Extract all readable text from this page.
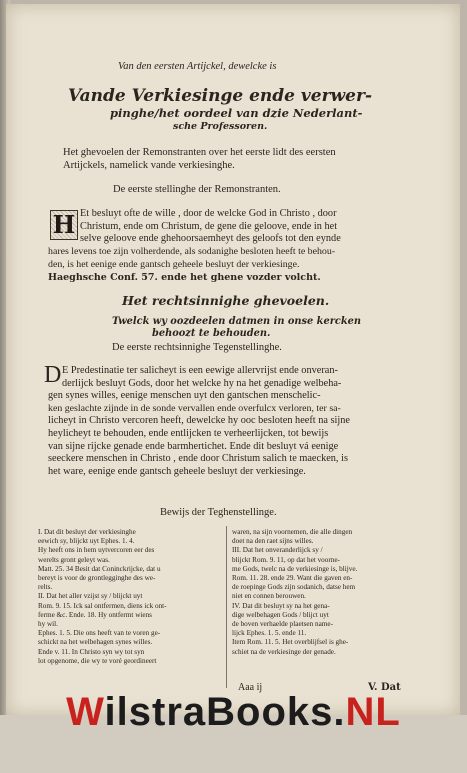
Van den eersten Artijckel, dewelcke is
Vande Verkiesinge ende verwer-
pinghe/het oordeel van dzie Nederlant-
sche Professoren.
Het ghevoelen der Remonstranten over het eerste lidt des eersten
Artijckels, namelick vande verkiesinghe.
De eerste stellinghe der Remonstranten.
H Et besluyt ofte de wille , door de welcke God in Christo , door
Christum, ende om Christum, de gene die geloove, ende in het
selve geloove ende ghehoorsaemheyt des geloofs tot den eynde
hares levens toe zijn volherdende, als sodanighe besloten heeft te behou-
den, is het eenige ende gantsch geheele besluyt der verkiesinge.
Haeghsche Conf. 57. ende het ghene vozder volcht.
Het rechtsinnighe ghevoelen.
Twelck wy oozdeelen datmen in onse kercken
behoozt te behouden.
De eerste rechtsinnighe Tegenstellinghe.
D E Predestinatie ter salicheyt is een eewige allervrijst ende onveran-
derlijck besluyt Gods, door het welcke hy na het genadige welbeha-
gen synes willes, eenige menschen uyt den gantschen menschelic-
ken geslachte zijnde in de sonde vervallen ende overfulcx verloren, ter sa-
licheyt in Christo vercoren heeft, dewelcke hy ooc besloten heeft na sijne
heylicheyt te behouden, ende entlijcken te verheerlijcken, tot bewijs
van sijne rijcke genade ende barmhertichet. Ende dit besluyt vá eenige
seeckere menschen in Christo , ende door Christum salich te maecken, is
het ware, eenige ende gantsch geheele besluyt der verkiesinge.
Bewijs der Teghenstellinge.
I. Dat dit besluyt der verkiesinghe
eewich sy, blijckt uyt Ephes. 1. 4.
Hy heeft ons in hem uytvercoren eer des
werelts gront geleyt was.
Matt. 25. 34 Besit dat Coninckrijcke, dat u
bereyt is voor de grontlegginghe des we-
relts.
II. Dat het aller vzijst sy / blijckt uyt
Rom. 9. 15. Ick sal ontfermen, diens ick ont-
ferme &c. Ende. 18. Hy ontfermt wiens
hy wil.
Ephes. 1. 5. Die ons heeft van te voren ge-
schickt na het welbehagen synes willes.
Ende v. 11. In Christo syn wy tot syn
lot opgenome, die wy te voré geordineert
waren, na sijn voornemen, die alle dingen
doet na den raet sijns willes.
III. Dat het onveranderlijck sy /
blijckt Rom. 9. 11, op dat het voorne-
me Gods, twelc na de verkiesinge is, blijve.
Rom. 11. 28. ende 29. Want die gaven en-
de roepinge Gods zijn sodanich, datse hem
niet en connen berouwen.
IV. Dat dit besluyt sy na het gena-
dige welbehagen Gods / blijct uyt
de boven verhaelde plaetsen name-
lijck Ephes. 1. 5. ende 11.
Item Rom. 11. 5. Het overblijfsel is ghe-
schiet na de verkiesinge der genade.
Aaa ij	V. Dat
WilstraBooks.NL
